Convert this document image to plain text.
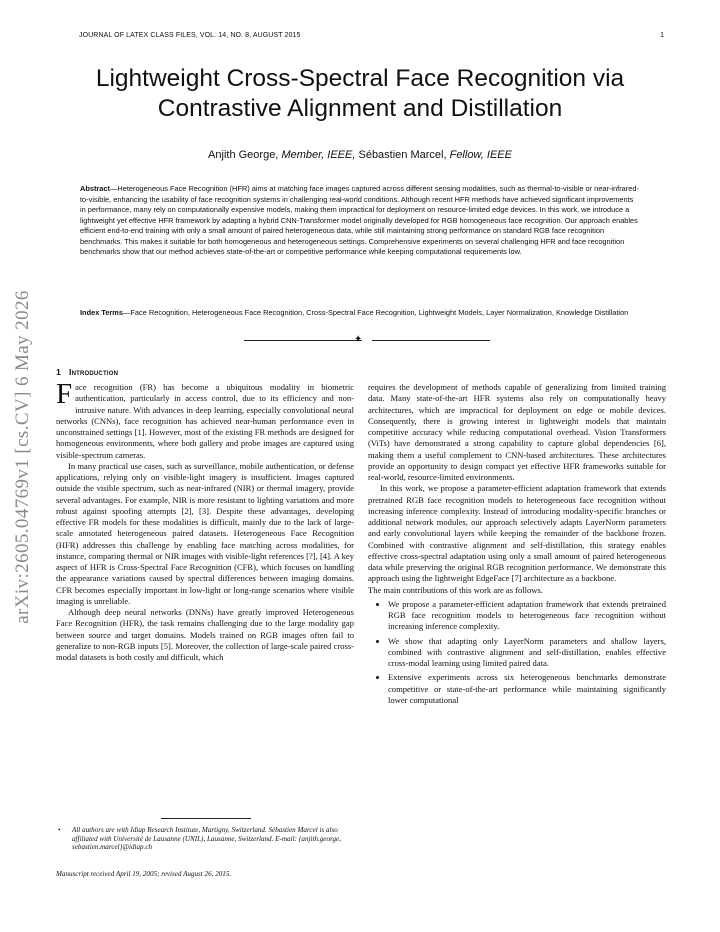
JOURNAL OF LATEX CLASS FILES, VOL. 14, NO. 8, AUGUST 2015	1
arXiv:2605.04769v1 [cs.CV] 6 May 2026
Lightweight Cross-Spectral Face Recognition via
Contrastive Alignment and Distillation
Anjith George, Member, IEEE, Sébastien Marcel, Fellow, IEEE
Abstract—Heterogeneous Face Recognition (HFR) aims at matching face images captured across different sensing modalities, such as thermal-to-visible or near-infrared-to-visible, enhancing the usability of face recognition systems in challenging real-world conditions. Although recent HFR methods have achieved significant improvements in performance, many rely on computationally expensive models, making them impractical for deployment on resource-limited edge devices. In this work, we introduce a lightweight yet effective HFR framework by adapting a hybrid CNN-Transformer model originally developed for RGB homogeneous face recognition. Our approach enables efficient end-to-end training with only a small amount of paired heterogeneous data, while still maintaining strong performance on standard RGB face recognition benchmarks. This makes it suitable for both homogeneous and heterogeneous settings. Comprehensive experiments on several challenging HFR and face recognition benchmarks show that our method achieves state-of-the-art or competitive performance while keeping computational requirements low.
Index Terms—Face Recognition, Heterogeneous Face Recognition, Cross-Spectral Face Recognition, Lightweight Models, Layer Normalization, Knowledge Distillation
✦
1 Introduction

Face recognition (FR) has become a ubiquitous modality in biometric authentication, particularly in access control, due to its efficiency and non-intrusive nature. With advances in deep learning, especially convolutional neural networks (CNNs), face recognition has achieved near-human performance even in unconstrained settings [1]. However, most of the existing FR methods are designed for homogeneous environments, where both gallery and probe images are captured using visible-spectrum cameras.

In many practical use cases, such as surveillance, mobile authentication, or defense applications, relying only on visible-light imagery is insufficient. Images captured outside the visible spectrum, such as near-infrared (NIR) or thermal imagery, provide several advantages. For example, NIR is more resistant to lighting variations and more robust against spoofing attempts [2], [3]. Despite these advantages, developing effective FR models for these modalities is difficult, mainly due to the lack of large-scale annotated heterogeneous paired datasets. Heterogeneous Face Recognition (HFR) addresses this challenge by enabling face matching across modalities, for instance, comparing thermal or NIR images with visible-light references [?], [4]. A key aspect of HFR is Cross-Spectral Face Recognition (CFR), which focuses on handling the appearance variations caused by spectral differences between imaging domains. CFR becomes especially important in low-light or long-range scenarios where visible imaging is unreliable.

Although deep neural networks (DNNs) have greatly improved Heterogeneous Face Recognition (HFR), the task remains challenging due to the large modality gap between source and target domains. Models trained on RGB images often fail to generalize to non-RGB inputs [5]. Moreover, the collection of large-scale paired cross-modal datasets is both costly and difficult, which

requires the development of methods capable of generalizing from limited training data. Many state-of-the-art HFR systems also rely on computationally heavy architectures, which are impractical for deployment on edge or mobile devices. Consequently, there is growing interest in lightweight models that maintain competitive accuracy while reducing computational overhead. Vision Transformers (ViTs) have demonstrated a strong capability to capture global dependencies [6], making them a useful complement to CNN-based architectures. These architectures provide an opportunity to design compact yet effective HFR frameworks suitable for real-world, resource-limited environments.

In this work, we propose a parameter-efficient adaptation framework that extends pretrained RGB face recognition models to heterogeneous face recognition without increasing inference complexity. Instead of introducing modality-specific branches or additional network modules, our approach selectively adapts LayerNorm parameters and early convolutional layers while keeping the remainder of the backbone frozen. Combined with contrastive alignment and self-distillation, this strategy enables effective cross-spectral adaptation using only a small amount of paired heterogeneous data while preserving the original RGB recognition performance. We demonstrate this approach using the lightweight EdgeFace [7] architecture as a backbone.

The main contributions of this work are as follows.

• We propose a parameter-efficient adaptation framework that extends pretrained RGB face recognition models to heterogeneous face recognition without increasing inference complexity.
• We show that adapting only LayerNorm parameters and shallow layers, combined with contrastive alignment and self-distillation, enables effective cross-modal learning using limited paired data.
• Extensive experiments across six heterogeneous benchmarks demonstrate competitive or state-of-the-art performance while maintaining significantly lower computational
•	All authors are with Idiap Research Institute, Martigny, Switzerland. Sébastien Marcel is also affiliated with Université de Lausanne (UNIL), Lausanne, Switzerland. E-mail: {anjith.george, sebastien.marcel}@idiap.ch
Manuscript received April 19, 2005; revised August 26, 2015.
